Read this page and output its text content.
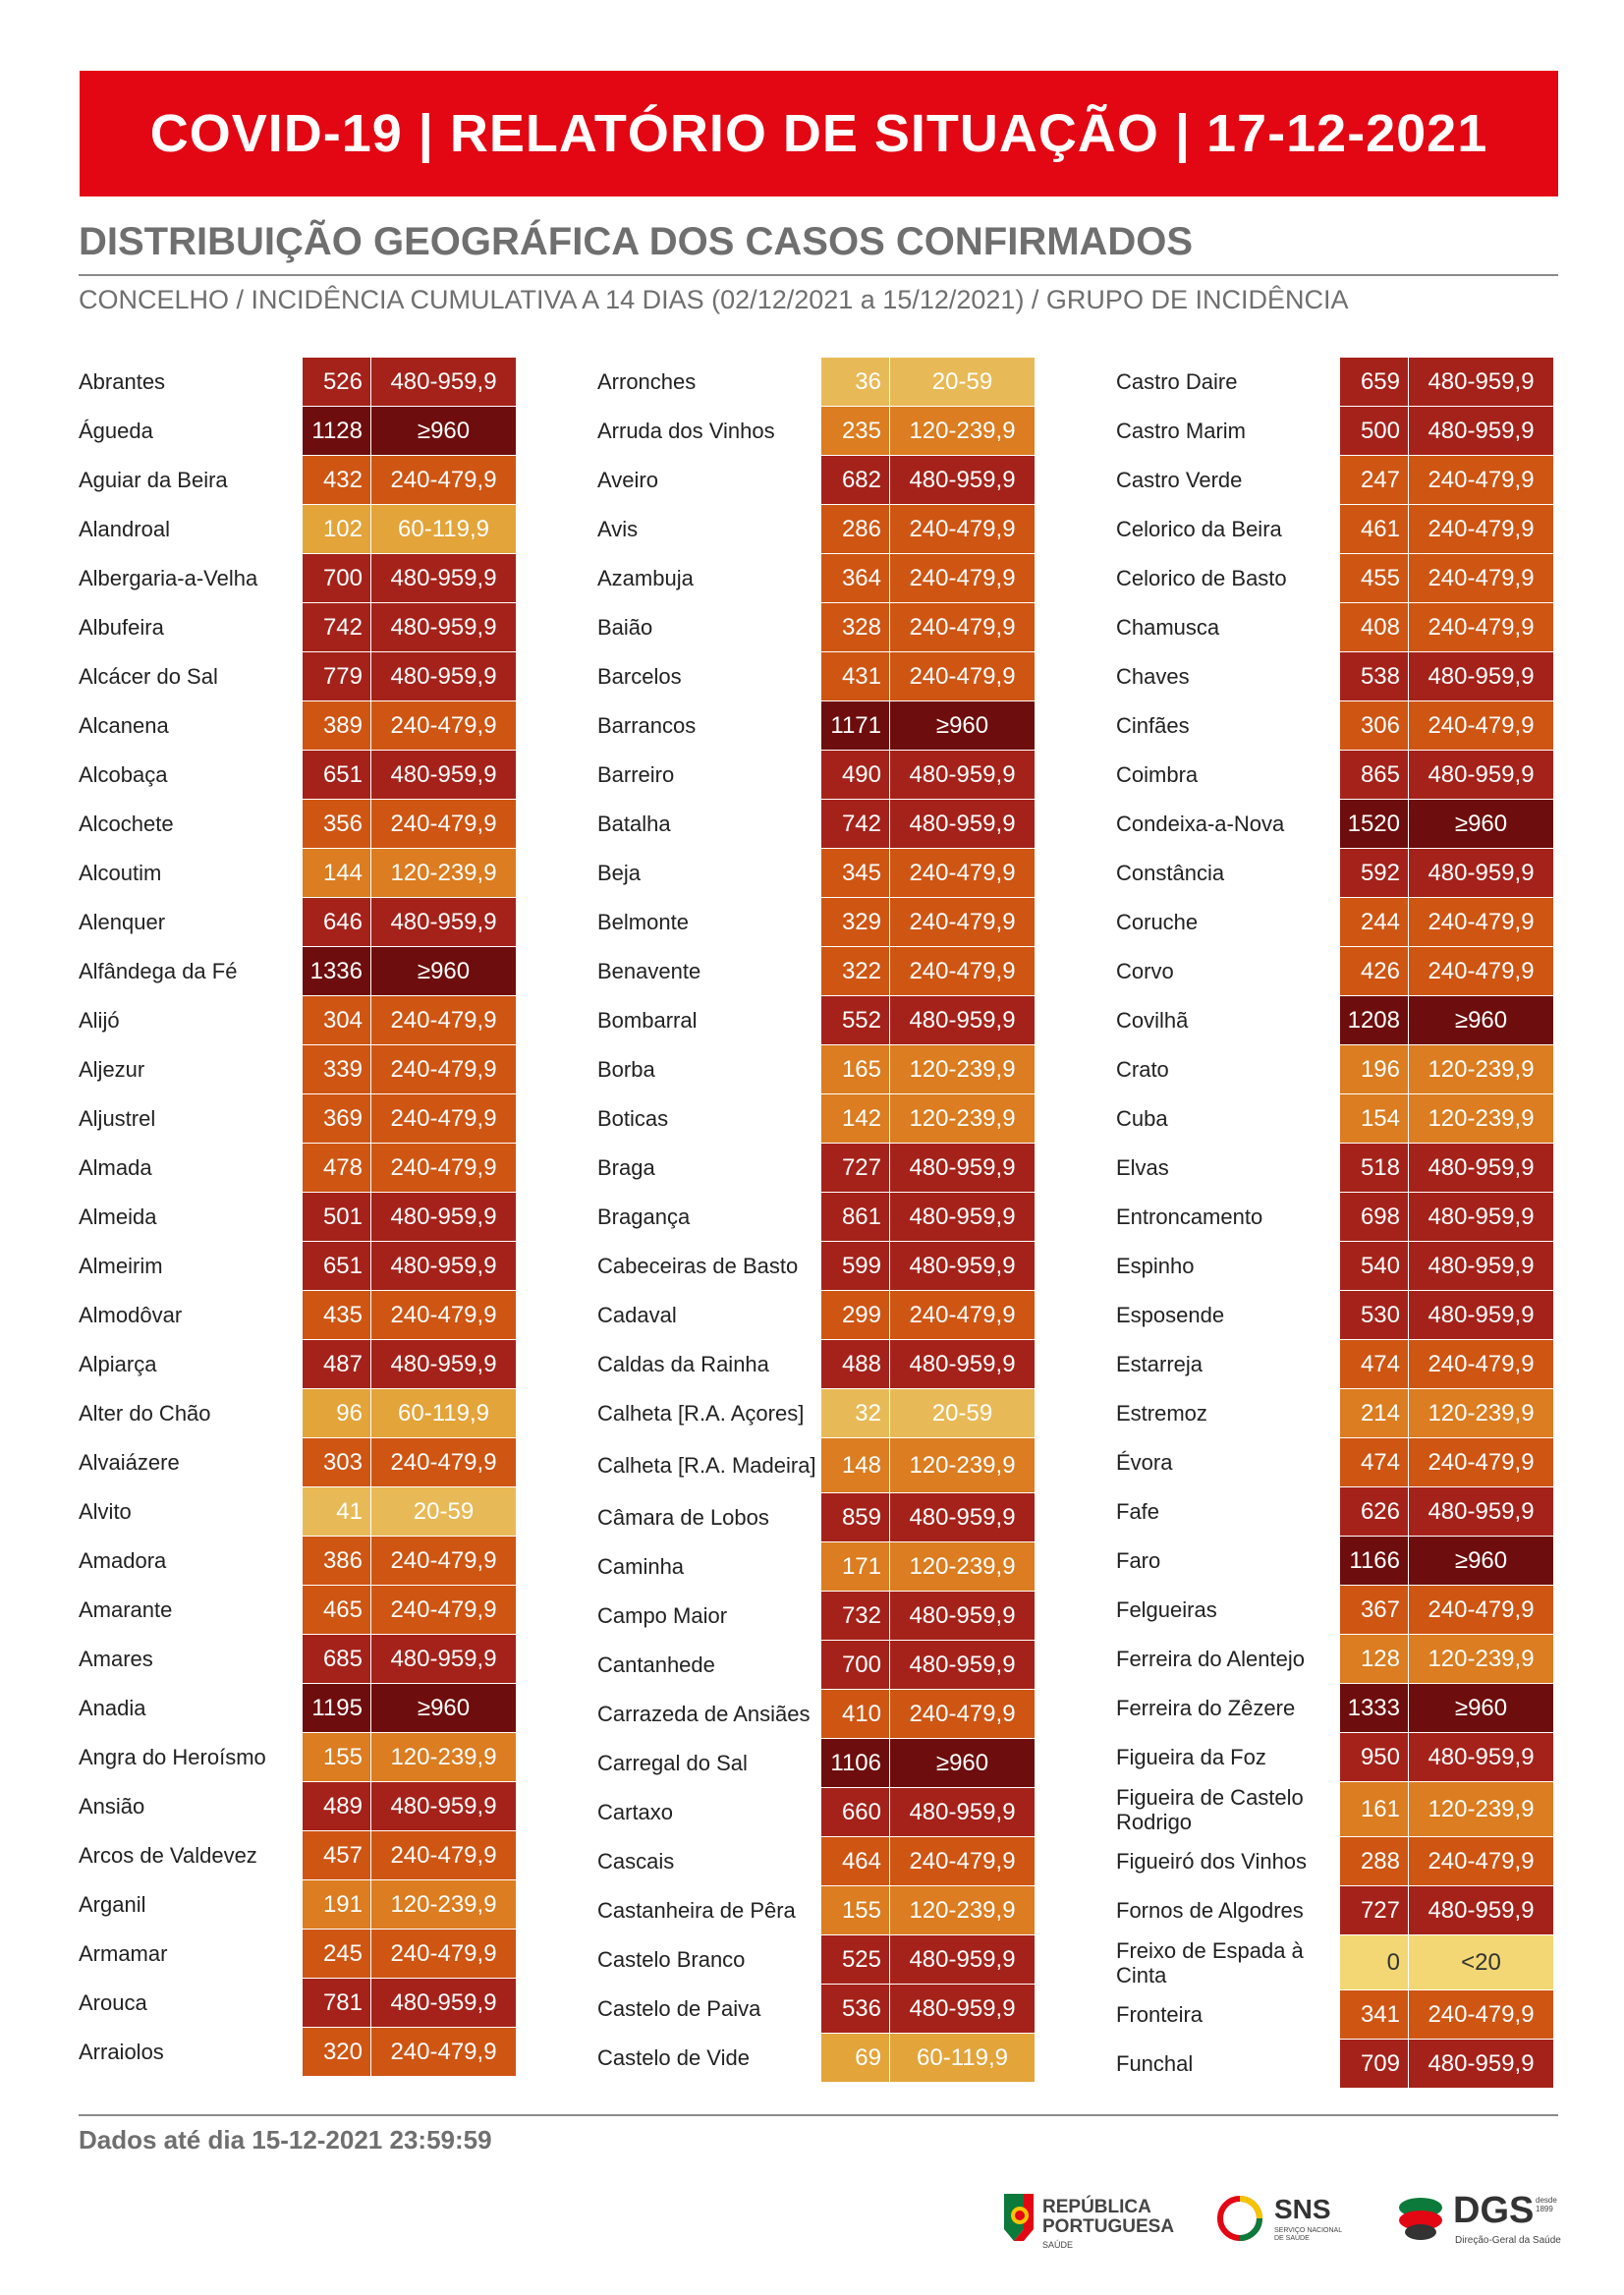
COVID-19 | RELATÓRIO DE SITUAÇÃO | 17-12-2021
DISTRIBUIÇÃO GEOGRÁFICA DOS CASOS CONFIRMADOS
CONCELHO / INCIDÊNCIA CUMULATIVA A 14 DIAS (02/12/2021 a 15/12/2021) / GRUPO DE INCIDÊNCIA
Abrantes	526	480-959,9
Águeda	1128	≥960
Aguiar da Beira	432	240-479,9
Alandroal	102	60-119,9
Albergaria-a-Velha	700	480-959,9
Albufeira	742	480-959,9
Alcácer do Sal	779	480-959,9
Alcanena	389	240-479,9
Alcobaça	651	480-959,9
Alcochete	356	240-479,9
Alcoutim	144	120-239,9
Alenquer	646	480-959,9
Alfândega da Fé	1336	≥960
Alijó	304	240-479,9
Aljezur	339	240-479,9
Aljustrel	369	240-479,9
Almada	478	240-479,9
Almeida	501	480-959,9
Almeirim	651	480-959,9
Almodôvar	435	240-479,9
Alpiarça	487	480-959,9
Alter do Chão	96	60-119,9
Alvaiázere	303	240-479,9
Alvito	41	20-59
Amadora	386	240-479,9
Amarante	465	240-479,9
Amares	685	480-959,9
Anadia	1195	≥960
Angra do Heroísmo	155	120-239,9
Ansião	489	480-959,9
Arcos de Valdevez	457	240-479,9
Arganil	191	120-239,9
Armamar	245	240-479,9
Arouca	781	480-959,9
Arraiolos	320	240-479,9
Arronches	36	20-59
Arruda dos Vinhos	235	120-239,9
Aveiro	682	480-959,9
Avis	286	240-479,9
Azambuja	364	240-479,9
Baião	328	240-479,9
Barcelos	431	240-479,9
Barrancos	1171	≥960
Barreiro	490	480-959,9
Batalha	742	480-959,9
Beja	345	240-479,9
Belmonte	329	240-479,9
Benavente	322	240-479,9
Bombarral	552	480-959,9
Borba	165	120-239,9
Boticas	142	120-239,9
Braga	727	480-959,9
Bragança	861	480-959,9
Cabeceiras de Basto	599	480-959,9
Cadaval	299	240-479,9
Caldas da Rainha	488	480-959,9
Calheta [R.A. Açores]	32	20-59
Calheta [R.A. Madeira]	148	120-239,9
Câmara de Lobos	859	480-959,9
Caminha	171	120-239,9
Campo Maior	732	480-959,9
Cantanhede	700	480-959,9
Carrazeda de Ansiães	410	240-479,9
Carregal do Sal	1106	≥960
Cartaxo	660	480-959,9
Cascais	464	240-479,9
Castanheira de Pêra	155	120-239,9
Castelo Branco	525	480-959,9
Castelo de Paiva	536	480-959,9
Castelo de Vide	69	60-119,9
Castro Daire	659	480-959,9
Castro Marim	500	480-959,9
Castro Verde	247	240-479,9
Celorico da Beira	461	240-479,9
Celorico de Basto	455	240-479,9
Chamusca	408	240-479,9
Chaves	538	480-959,9
Cinfães	306	240-479,9
Coimbra	865	480-959,9
Condeixa-a-Nova	1520	≥960
Constância	592	480-959,9
Coruche	244	240-479,9
Corvo	426	240-479,9
Covilhã	1208	≥960
Crato	196	120-239,9
Cuba	154	120-239,9
Elvas	518	480-959,9
Entroncamento	698	480-959,9
Espinho	540	480-959,9
Esposende	530	480-959,9
Estarreja	474	240-479,9
Estremoz	214	120-239,9
Évora	474	240-479,9
Fafe	626	480-959,9
Faro	1166	≥960
Felgueiras	367	240-479,9
Ferreira do Alentejo	128	120-239,9
Ferreira do Zêzere	1333	≥960
Figueira da Foz	950	480-959,9
Figueira de Castelo Rodrigo	161	120-239,9
Figueiró dos Vinhos	288	240-479,9
Fornos de Algodres	727	480-959,9
Freixo de Espada à Cinta	0	<20
Fronteira	341	240-479,9
Funchal	709	480-959,9
Dados até dia 15-12-2021 23:59:59
REPÚBLICA PORTUGUESA
SAÚDE
SNS
SERVIÇO NACIONAL DE SAÚDE
DGS desde 1899
Direção-Geral da Saúde
